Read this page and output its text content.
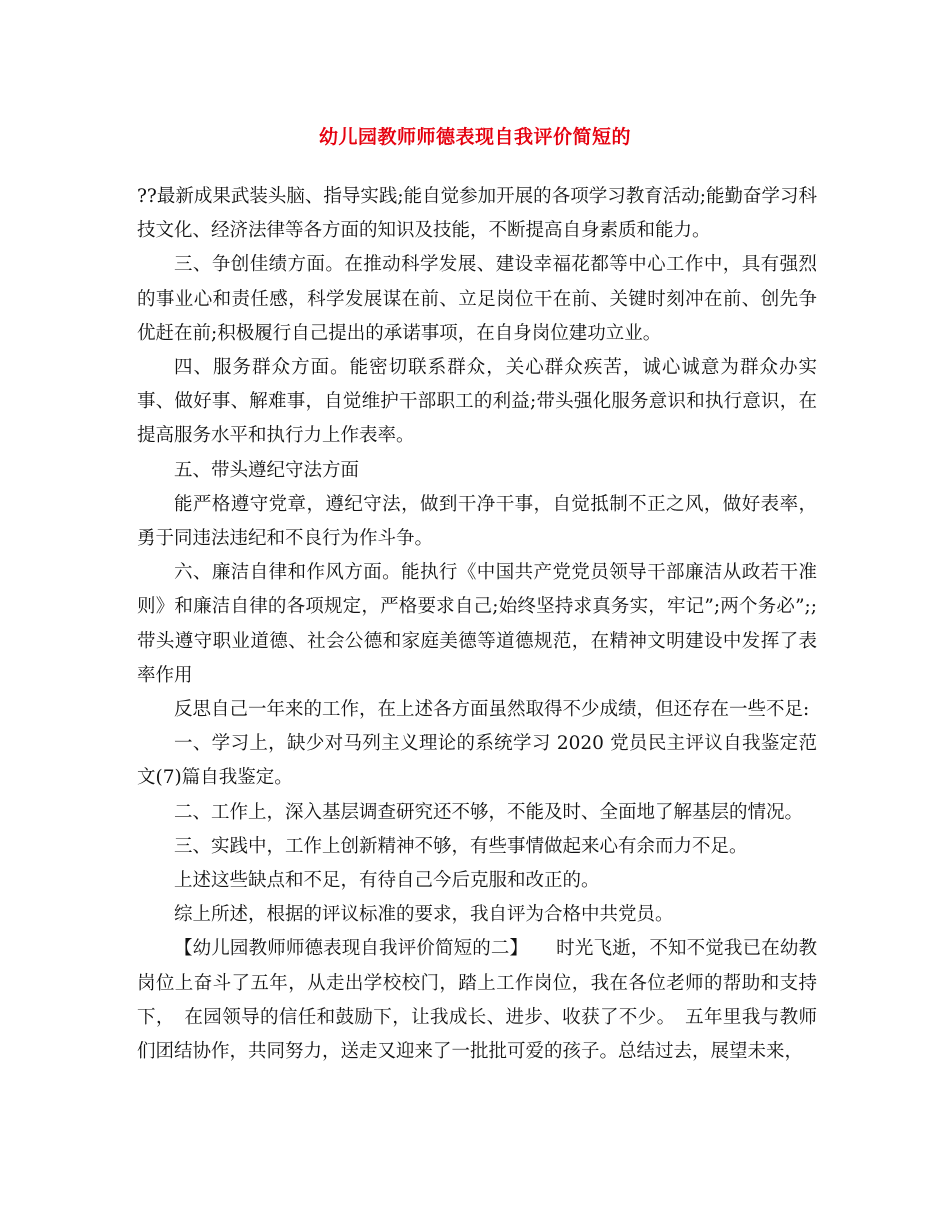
幼儿园教师师德表现自我评价简短的

??最新成果武装头脑、指导实践;能自觉参加开展的各项学习教育活动;能勤奋学习科技文化、经济法律等各方面的知识及技能，不断提高自身素质和能力。

三、争创佳绩方面。在推动科学发展、建设幸福花都等中心工作中，具有强烈的事业心和责任感，科学发展谋在前、立足岗位干在前、关键时刻冲在前、创先争优赶在前;积极履行自己提出的承诺事项，在自身岗位建功立业。

四、服务群众方面。能密切联系群众，关心群众疾苦，诚心诚意为群众办实事、做好事、解难事，自觉维护干部职工的利益;带头强化服务意识和执行意识，在提高服务水平和执行力上作表率。

五、带头遵纪守法方面

能严格遵守党章，遵纪守法，做到干净干事，自觉抵制不正之风，做好表率，勇于同违法违纪和不良行为作斗争。

六、廉洁自律和作风方面。能执行《中国共产党党员领导干部廉洁从政若干准则》和廉洁自律的各项规定，严格要求自己;始终坚持求真务实，牢记”;两个务必”;;带头遵守职业道德、社会公德和家庭美德等道德规范，在精神文明建设中发挥了表率作用

反思自己一年来的工作，在上述各方面虽然取得不少成绩，但还存在一些不足:

一、学习上，缺少对马列主义理论的系统学习 2020 党员民主评议自我鉴定范文(7)篇自我鉴定。

二、工作上，深入基层调查研究还不够，不能及时、全面地了解基层的情况。

三、实践中，工作上创新精神不够，有些事情做起来心有余而力不足。

上述这些缺点和不足，有待自己今后克服和改正的。

综上所述，根据的评议标准的要求，我自评为合格中共党员。

【幼儿园教师师德表现自我评价简短的二】　　时光飞逝，不知不觉我已在幼教岗位上奋斗了五年，从走出学校校门，踏上工作岗位，我在各位老师的帮助和支持下，　在园领导的信任和鼓励下，让我成长、进步、收获了不少。　五年里我与教师们团结协作，共同努力，送走又迎来了一批批可爱的孩子。总结过去，展望未来，
